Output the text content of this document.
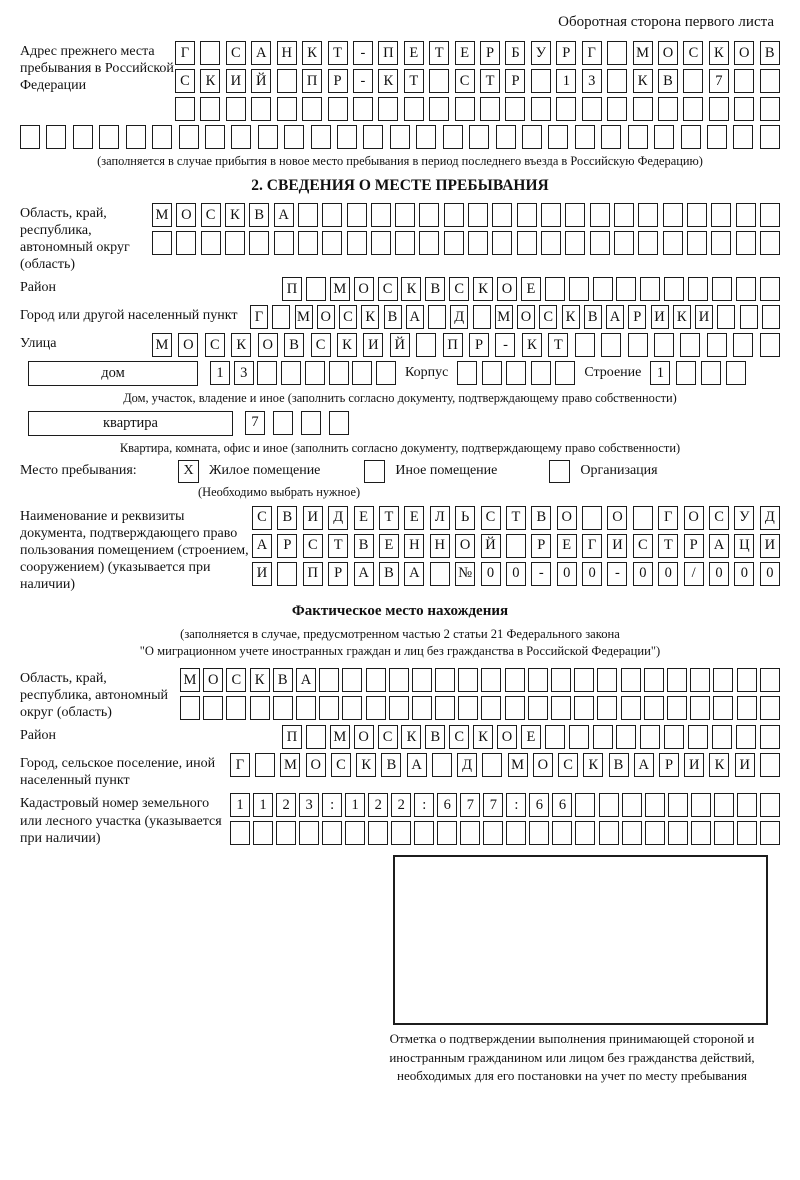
Оборотная сторона первого листа
Адрес прежнего места пребывания в Российской Федерации
Г	С	А	Н	К	Т	-	П	Е	Т	Е	Р	Б	У	Р	Г	М О	С	К	О	В
С	К	И	Й	П	Р	-	К	Т	С	Т	Р	1	3	К	В	7
(заполняется в случае прибытия в новое место пребывания в период последнего въезда в Российскую Федерацию)
2. СВЕДЕНИЯ О МЕСТЕ ПРЕБЫВАНИЯ
Область, край, республика, автономный округ (область)
М О С	К	В А
Район	П	М О С К В С К О Е
Город или другой населенный пункт	Г	М О С К В А Д М О С К В А Р И К И
Улица	М	О	С	К	О	В	С	К	И	Й	П	Р	-	К	Т
дом	1	3	Корпус	Строение	1
Дом, участок, владение и иное (заполнить согласно документу, подтверждающему право собственности)
квартира	7
Квартира, комната, офис и иное (заполнить согласно документу, подтверждающему право собственности)
Место пребывания:	X	Жилое помещение	Иное помещение	Организация
(Необходимо выбрать нужное)
Наименование и реквизиты документа, подтверждающего право пользования помещением (строением, сооружением) (указывается при наличии)
С	В	И	Д	Е	Т	Е	Л	Ь	С	Т	В	О	О	Г	О	С	У	Д
А	Р	С	Т	В	Е	Н	Н	О	Й	Р	Е	Г	И	С	Т	Р	А	Ц	И
И	П	Р	А	В	А	№	0	0	-	0	0	-	0	0	/	0	0	0
Фактическое место нахождения
(заполняется в случае, предусмотренном частью 2 статьи 21 Федерального закона
"О миграционном учете иностранных граждан и лиц без гражданства в Российской Федерации")
Область, край, республика, автономный округ (область)
М О С К В А
Район	П	М О С К В С К О Е
Город, сельское поселение, иной населенный пункт
Г	М О	С	К	В	А	Д	М О	С	К	В	А	Р	И	К	И
Кадастровый номер земельного или лесного участка (указывается при наличии)
1	1	2	3	:	1	2	2	:	6	7	7	:	6	6
Отметка о подтверждении выполнения принимающей стороной и иностранным гражданином или лицом без гражданства действий, необходимых для его постановки на учет по месту пребывания
